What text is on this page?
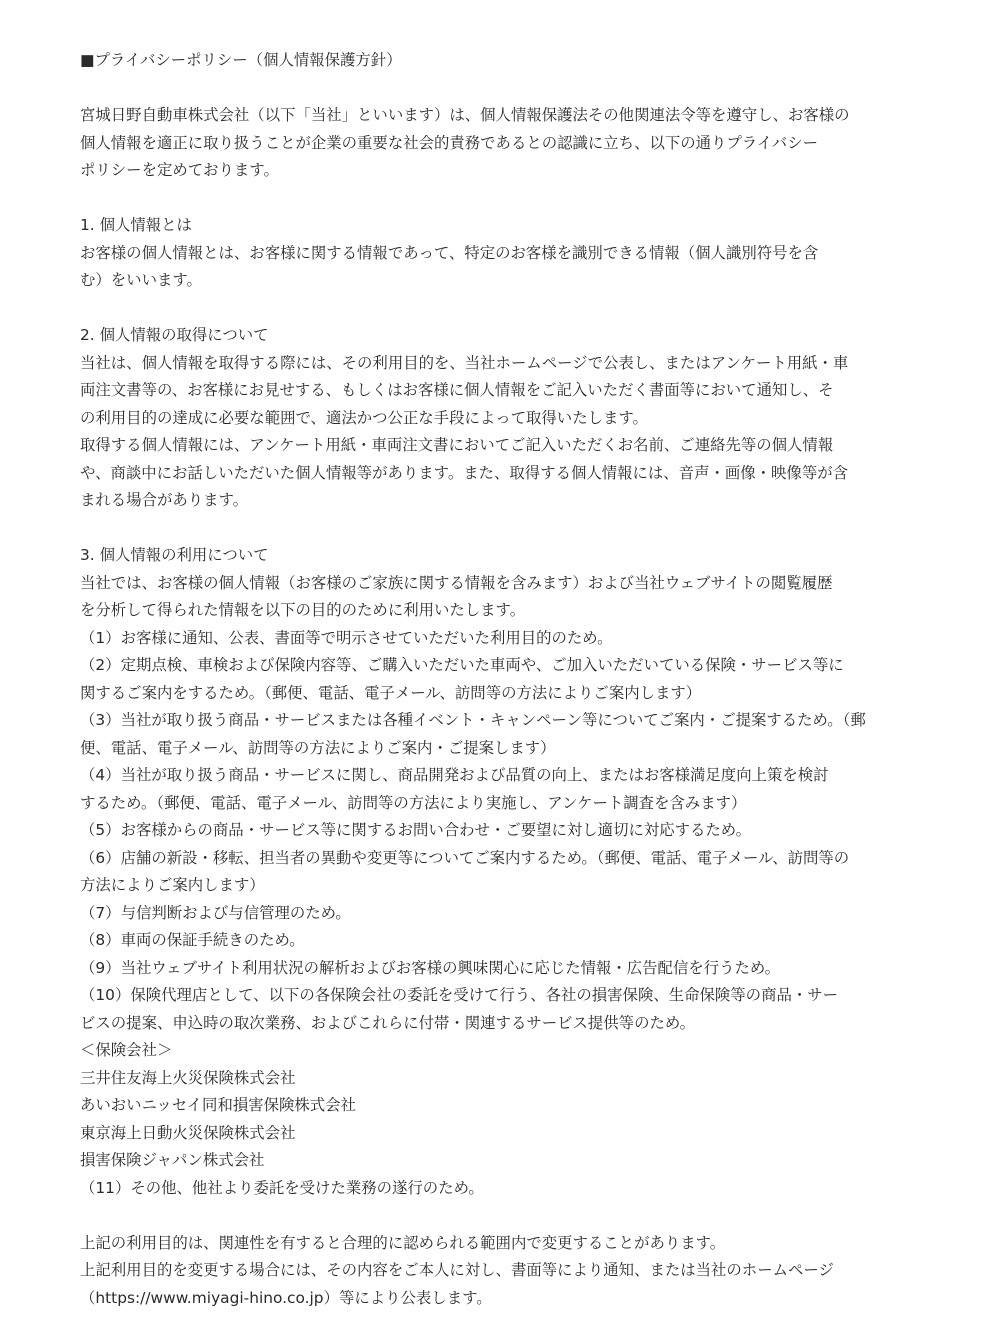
■プライバシーポリシー（個人情報保護方針）

宮城日野自動車株式会社（以下「当社」といいます）は、個人情報保護法その他関連法令等を遵守し、お客様の
個人情報を適正に取り扱うことが企業の重要な社会的責務であるとの認識に立ち、以下の通りプライバシー
ポリシーを定めております。
1. 個人情報とは
お客様の個人情報とは、お客様に関する情報であって、特定のお客様を識別できる情報（個人識別符号を含
む）をいいます。
2. 個人情報の取得について
当社は、個人情報を取得する際には、その利用目的を、当社ホームページで公表し、またはアンケート用紙・車
両注文書等の、お客様にお見せする、もしくはお客様に個人情報をご記入いただく書面等において通知し、そ
の利用目的の達成に必要な範囲で、適法かつ公正な手段によって取得いたします。
取得する個人情報には、アンケート用紙・車両注文書においてご記入いただくお名前、ご連絡先等の個人情報
や、商談中にお話しいただいた個人情報等があります。また、取得する個人情報には、音声・画像・映像等が含
まれる場合があります。
3. 個人情報の利用について
当社では、お客様の個人情報（お客様のご家族に関する情報を含みます）および当社ウェブサイトの閲覧履歴
を分析して得られた情報を以下の目的のために利用いたします。
（1）お客様に通知、公表、書面等で明示させていただいた利用目的のため。
（2）定期点検、車検および保険内容等、ご購入いただいた車両や、ご加入いただいている保険・サービス等に
関するご案内をするため。（郵便、電話、電子メール、訪問等の方法によりご案内します）
（3）当社が取り扱う商品・サービスまたは各種イベント・キャンペーン等についてご案内・ご提案するため。（郵
便、電話、電子メール、訪問等の方法によりご案内・ご提案します）
（4）当社が取り扱う商品・サービスに関し、商品開発および品質の向上、またはお客様満足度向上策を検討
するため。（郵便、電話、電子メール、訪問等の方法により実施し、アンケート調査を含みます）
（5）お客様からの商品・サービス等に関するお問い合わせ・ご要望に対し適切に対応するため。
（6）店舗の新設・移転、担当者の異動や変更等についてご案内するため。（郵便、電話、電子メール、訪問等の
方法によりご案内します）
（7）与信判断および与信管理のため。
（8）車両の保証手続きのため。
（9）当社ウェブサイト利用状況の解析およびお客様の興味関心に応じた情報・広告配信を行うため。
（10）保険代理店として、以下の各保険会社の委託を受けて行う、各社の損害保険、生命保険等の商品・サー
ビスの提案、申込時の取次業務、およびこれらに付帯・関連するサービス提供等のため。
＜保険会社＞
三井住友海上火災保険株式会社
あいおいニッセイ同和損害保険株式会社
東京海上日動火災保険株式会社
損害保険ジャパン株式会社
（11）その他、他社より委託を受けた業務の遂行のため。
上記の利用目的は、関連性を有すると合理的に認められる範囲内で変更することがあります。
上記利用目的を変更する場合には、その内容をご本人に対し、書面等により通知、または当社のホームページ
（https://www.miyagi-hino.co.jp）等により公表します。
